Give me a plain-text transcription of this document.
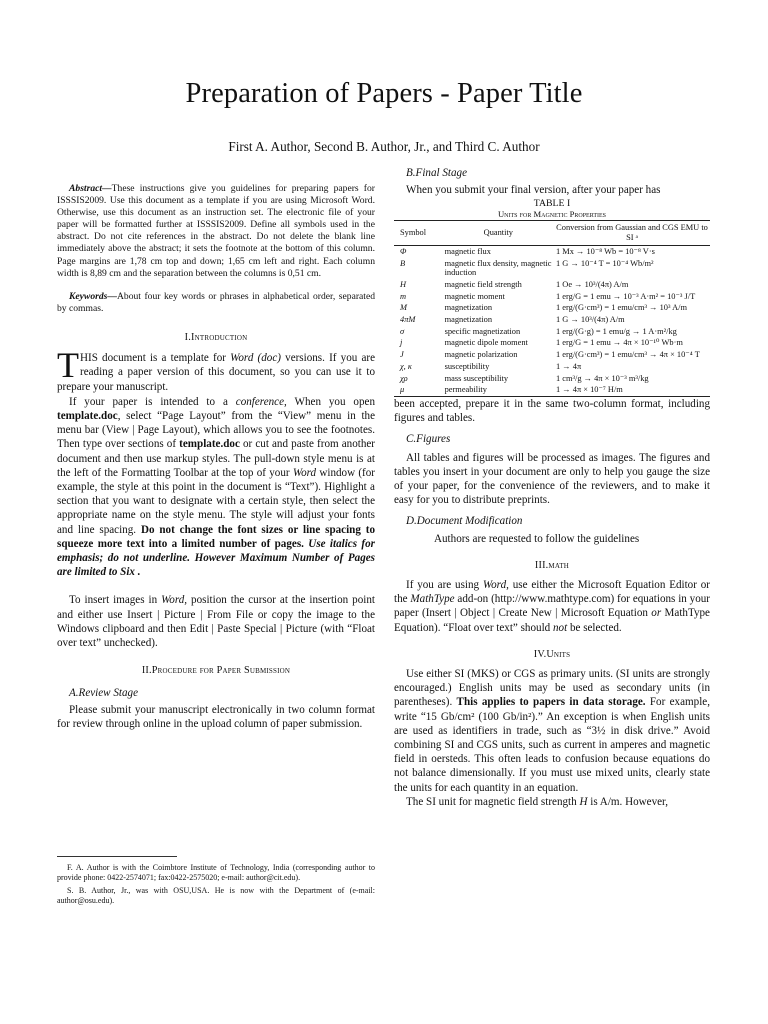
Preparation of Papers - Paper Title
First A. Author, Second B. Author, Jr., and Third C. Author

Abstract—These instructions give you guidelines for preparing papers for ISSSIS2009. Use this document as a template if you are using Microsoft Word. Otherwise, use this document as an instruction set. The electronic file of your paper will be formatted further at ISSSIS2009. Define all symbols used in the abstract. Do not cite references in the abstract. Do not delete the blank line immediately above the abstract; it sets the footnote at the bottom of this column. Page margins are 1,78 cm top and down; 1,65 cm left and right. Each column width is 8,89 cm and the separation between the columns is 0,51 cm.

Keywords—About four key words or phrases in alphabetical order, separated by commas.

I.Introduction
T HIS document is a template for Word (doc) versions. If you are reading a paper version of this document, so you can use it to prepare your manuscript.

If your paper is intended to a conference, When you open template.doc, select “Page Layout” from the “View” menu in the menu bar (View | Page Layout), which allows you to see the footnotes. Then type over sections of template.doc or cut and paste from another document and then use markup styles. The pull-down style menu is at the left of the Formatting Toolbar at the top of your Word window (for example, the style at this point in the document is “Text”). Highlight a section that you want to designate with a certain style, then select the appropriate name on the style menu. The style will adjust your fonts and line spacing. Do not change the font sizes or line spacing to squeeze more text into a limited number of pages. Use italics for emphasis; do not underline. However Maximum Number of Pages are limited to Six .

To insert images in Word, position the cursor at the insertion point and either use Insert | Picture | From File or copy the image to the Windows clipboard and then Edit | Paste Special | Picture (with “Float over text” unchecked).

II.Procedure for Paper Submission
A.Review Stage

Please submit your manuscript electronically in two column format for review through online in the upload column of paper submission.

F. A. Author is with the Coimbtore Institute of Technology, India (corresponding author to provide phone: 0422-2574071; fax:0422-2575020; e-mail: author@cit.edu).

S. B. Author, Jr., was with OSU,USA. He is now with the Department of (e-mail: author@osu.edu).

B.Final Stage

When you submit your final version, after your paper has

TABLE I
Units for Magnetic Properties
Symbol	Quantity	Conversion from Gaussian and CGS EMU to SI ᵃ
Φ	magnetic flux	1 Mx → 10⁻⁸ Wb = 10⁻⁸ V·s
B	magnetic flux density, magnetic induction	1 G → 10⁻⁴ T = 10⁻⁴ Wb/m²
H	magnetic field strength	1 Oe → 10³/(4π) A/m
m	magnetic moment	1 erg/G = 1 emu → 10⁻³ A·m² = 10⁻³ J/T
M	magnetization	1 erg/(G·cm³) = 1 emu/cm³ → 10³ A/m
4πM	magnetization	1 G → 10³/(4π) A/m
σ	specific magnetization	1 erg/(G·g) = 1 emu/g → 1 A·m²/kg
j	magnetic dipole moment	1 erg/G = 1 emu → 4π × 10⁻¹⁰ Wb·m
J	magnetic polarization	1 erg/(G·cm³) = 1 emu/cm³ → 4π × 10⁻⁴ T
χ, κ	susceptibility	1 → 4π
χρ	mass susceptibility	1 cm³/g → 4π × 10⁻³ m³/kg
μ	permeability	1 → 4π × 10⁻⁷ H/m

been accepted, prepare it in the same two-column format, including figures and tables.

C.Figures

All tables and figures will be processed as images. The figures and tables you insert in your document are only to help you gauge the size of your paper, for the convenience of the reviewers, and to make it easy for you to distribute preprints.

D.Document Modification

Authors are requested to follow the guidelines

III.math

If you are using Word, use either the Microsoft Equation Editor or the MathType add-on (http://www.mathtype.com) for equations in your paper (Insert | Object | Create New | Microsoft Equation or MathType Equation). “Float over text” should not be selected.

IV.Units

Use either SI (MKS) or CGS as primary units. (SI units are strongly encouraged.) English units may be used as secondary units (in parentheses). This applies to papers in data storage. For example, write “15 Gb/cm² (100 Gb/in²).” An exception is when English units are used as identifiers in trade, such as “3½ in disk drive.” Avoid combining SI and CGS units, such as current in amperes and magnetic field in oersteds. This often leads to confusion because equations do not balance dimensionally. If you must use mixed units, clearly state the units for each quantity in an equation.

The SI unit for magnetic field strength H is A/m. However,
